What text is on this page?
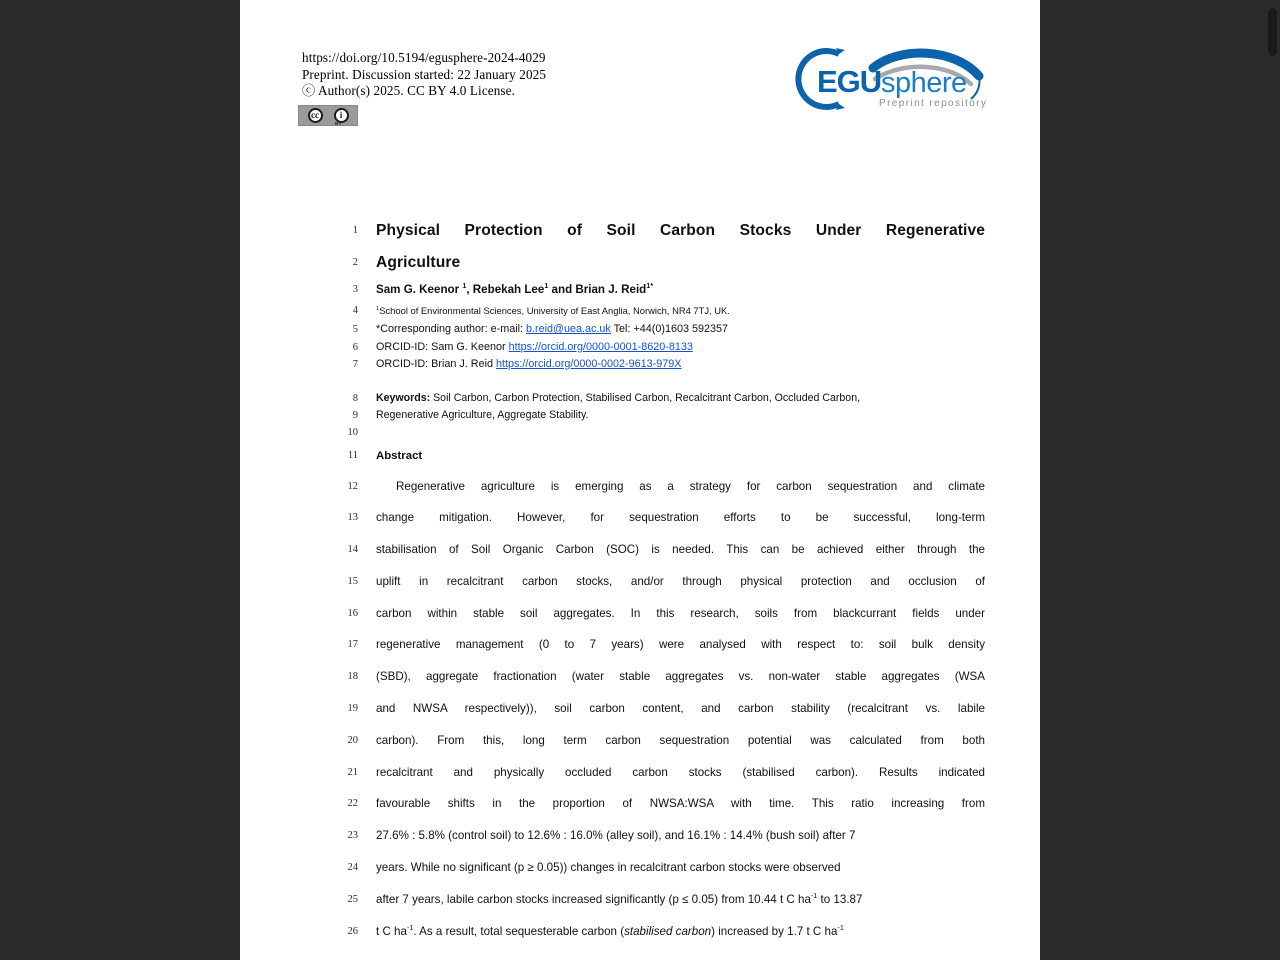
https://doi.org/10.5194/egusphere-2024-4029
Preprint. Discussion started: 22 January 2025
ⓒ Author(s) 2025. CC BY 4.0 License.
cc	i
BY
EGU sphere
Preprint repository
1	Physical Protection of Soil Carbon Stocks Under Regenerative
2	Agriculture
3	Sam G. Keenor $^1$, Rebekah Lee$^1$ and Brian J. Reid$^{1*}$
4	$^1$School of Environmental Sciences, University of East Anglia, Norwich, NR4 7TJ, UK.
5	*Corresponding author: e-mail: b.reid@uea.ac.uk Tel: +44(0)1603 592357
6	ORCID-ID: Sam G. Keenor https://orcid.org/0000-0001-8620-8133
7	ORCID-ID: Brian J. Reid https://orcid.org/0000-0002-9613-979X
8	Keywords: Soil Carbon, Carbon Protection, Stabilised Carbon, Recalcitrant Carbon, Occluded Carbon,
9	Regenerative Agriculture, Aggregate Stability.
10
11	Abstract
12	Regenerative agriculture is emerging as a strategy for carbon sequestration and climate
13	change mitigation. However, for sequestration efforts to be successful, long-term
14	stabilisation of Soil Organic Carbon (SOC) is needed. This can be achieved either through the
15	uplift in recalcitrant carbon stocks, and/or through physical protection and occlusion of
16	carbon within stable soil aggregates. In this research, soils from blackcurrant fields under
17	regenerative management (0 to 7 years) were analysed with respect to: soil bulk density
18	(SBD), aggregate fractionation (water stable aggregates vs. non-water stable aggregates (WSA
19	and NWSA respectively)), soil carbon content, and carbon stability (recalcitrant vs. labile
20	carbon). From this, long term carbon sequestration potential was calculated from both
21	recalcitrant and physically occluded carbon stocks (stabilised carbon). Results indicated
22	favourable shifts in the proportion of NWSA:WSA with time. This ratio increasing from
23	27.6% : 5.8% (control soil) to 12.6% : 16.0% (alley soil), and 16.1% : 14.4% (bush soil) after 7
24	years. While no significant (p ≥ 0.05)) changes in recalcitrant carbon stocks were observed
25	after 7 years, labile carbon stocks increased significantly (p ≤ 0.05) from 10.44 t C $ha^{-1}$ to 13.87
26	t C $ha^{-1}$. As a result, total sequesterable carbon (stabilised carbon) increased by 1.7 t C $ha^{-1}$
